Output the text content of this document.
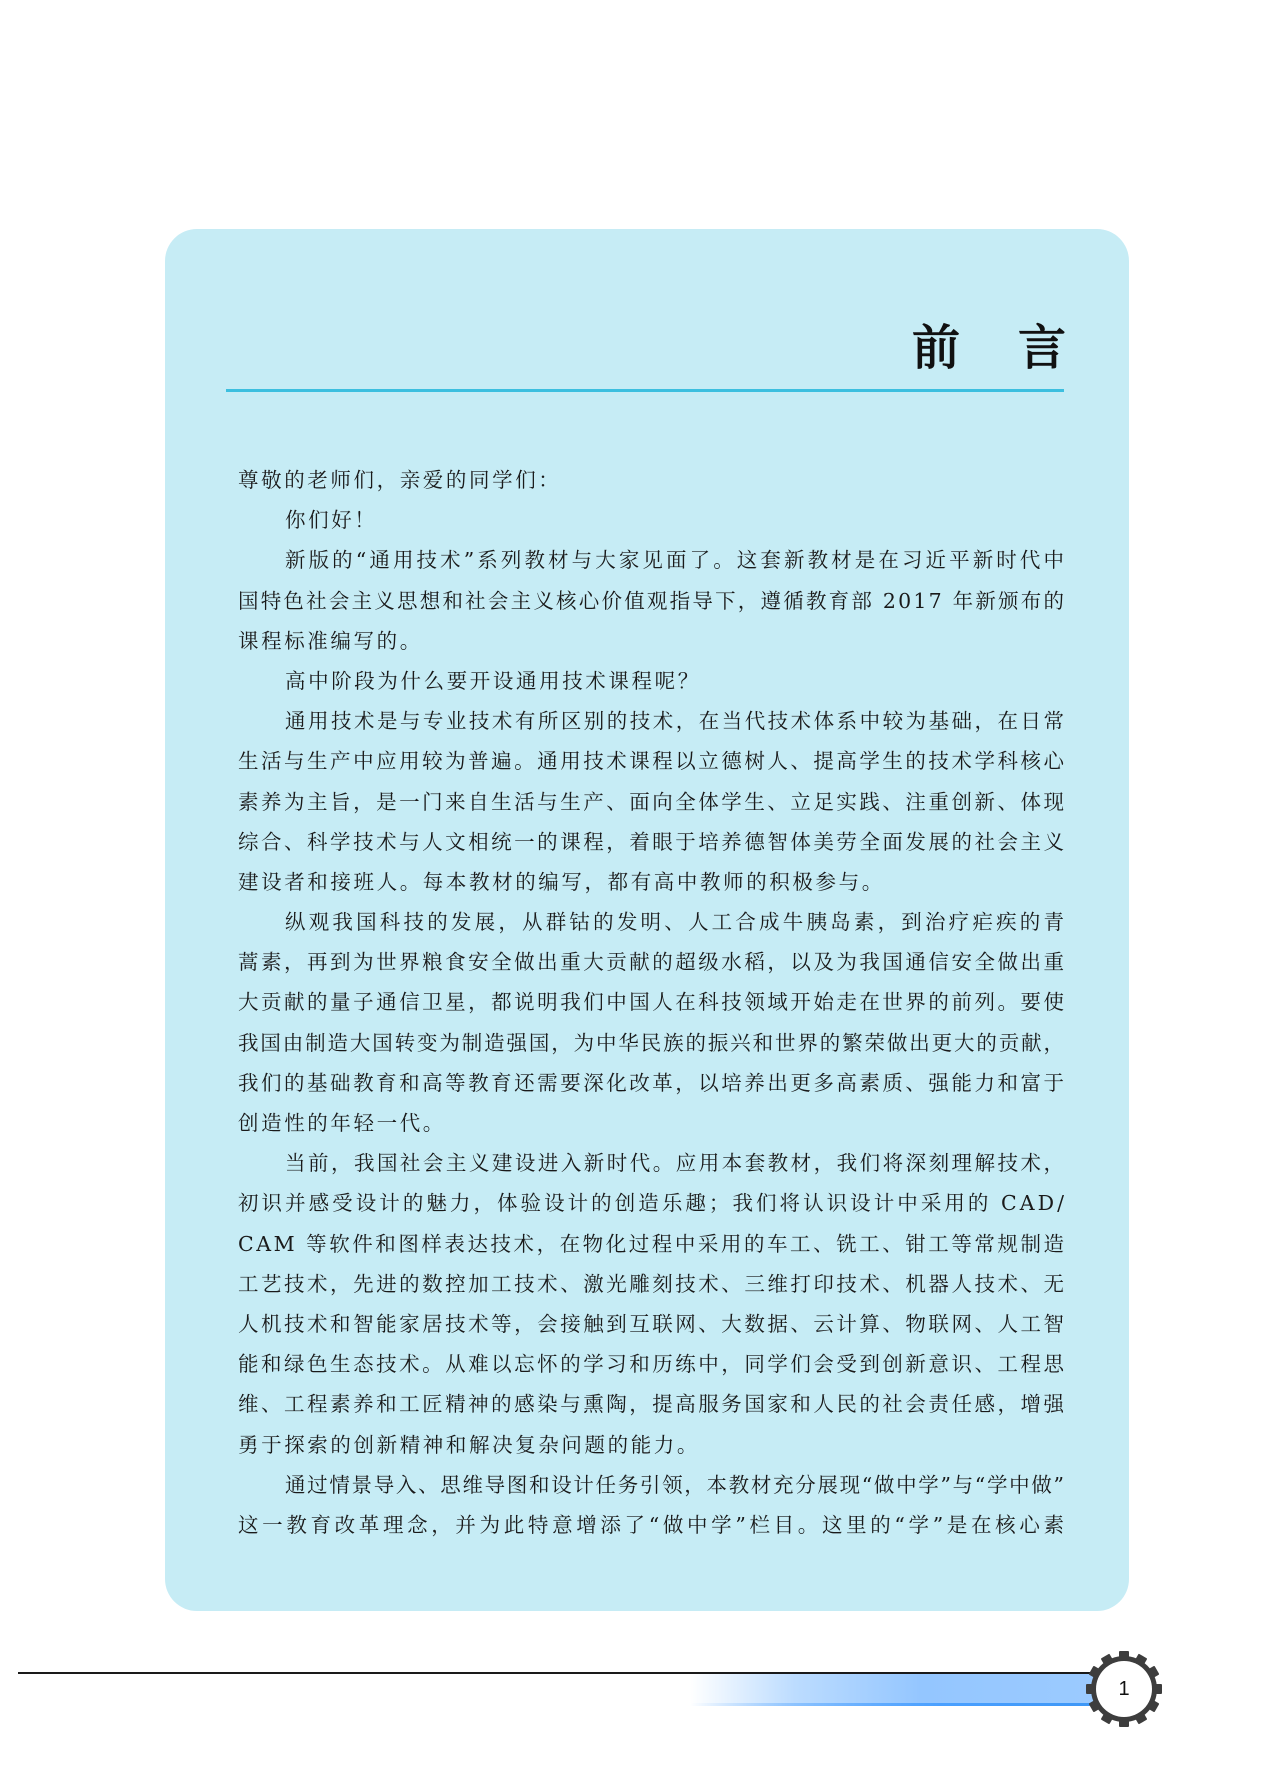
前 言
尊敬的老师们，亲爱的同学们：
你们好！
新版的“通用技术”系列教材与大家见面了。这套新教材是在习近平新时代中
国特色社会主义思想和社会主义核心价值观指导下，遵循教育部 2017 年新颁布的
课程标准编写的。
高中阶段为什么要开设通用技术课程呢？
通用技术是与专业技术有所区别的技术，在当代技术体系中较为基础，在日常
生活与生产中应用较为普遍。通用技术课程以立德树人、提高学生的技术学科核心
素养为主旨，是一门来自生活与生产、面向全体学生、立足实践、注重创新、体现
综合、科学技术与人文相统一的课程，着眼于培养德智体美劳全面发展的社会主义
建设者和接班人。每本教材的编写，都有高中教师的积极参与。
纵观我国科技的发展，从群钴的发明、人工合成牛胰岛素，到治疗疟疾的青
蒿素，再到为世界粮食安全做出重大贡献的超级水稻，以及为我国通信安全做出重
大贡献的量子通信卫星，都说明我们中国人在科技领域开始走在世界的前列。要使
我国由制造大国转变为制造强国，为中华民族的振兴和世界的繁荣做出更大的贡献，
我们的基础教育和高等教育还需要深化改革，以培养出更多高素质、强能力和富于
创造性的年轻一代。
当前，我国社会主义建设进入新时代。应用本套教材，我们将深刻理解技术，
初识并感受设计的魅力，体验设计的创造乐趣；我们将认识设计中采用的 CAD/
CAM 等软件和图样表达技术，在物化过程中采用的车工、铣工、钳工等常规制造
工艺技术，先进的数控加工技术、激光雕刻技术、三维打印技术、机器人技术、无
人机技术和智能家居技术等，会接触到互联网、大数据、云计算、物联网、人工智
能和绿色生态技术。从难以忘怀的学习和历练中，同学们会受到创新意识、工程思
维、工程素养和工匠精神的感染与熏陶，提高服务国家和人民的社会责任感，增强
勇于探索的创新精神和解决复杂问题的能力。
通过情景导入、思维导图和设计任务引领，本教材充分展现“做中学”与“学中做”
这一教育改革理念，并为此特意增添了“做中学”栏目。这里的“学”是在核心素
1
